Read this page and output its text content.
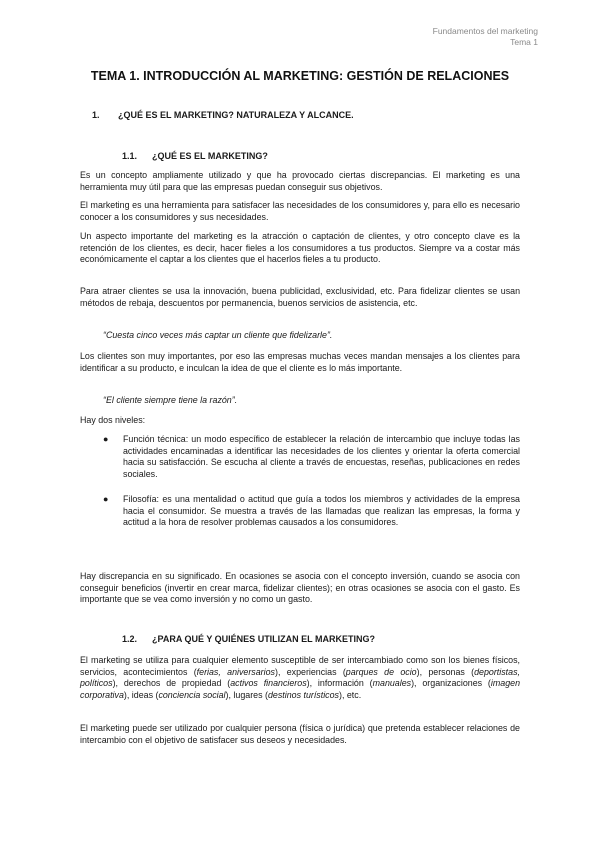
Fundamentos del marketing
Tema 1
TEMA 1. INTRODUCCIÓN AL MARKETING: GESTIÓN DE RELACIONES
1. ¿QUÉ ES EL MARKETING? NATURALEZA Y ALCANCE.
1.1. ¿QUÉ ES EL MARKETING?

Es un concepto ampliamente utilizado y que ha provocado ciertas discrepancias. El marketing es una herramienta muy útil para que las empresas puedan conseguir sus objetivos.

El marketing es una herramienta para satisfacer las necesidades de los consumidores y, para ello es necesario conocer a los consumidores y sus necesidades.

Un aspecto importante del marketing es la atracción o captación de clientes, y otro concepto clave es la retención de los clientes, es decir, hacer fieles a los consumidores a tus productos. Siempre va a costar más económicamente el captar a los clientes que el hacerlos fieles a tu producto.

Para atraer clientes se usa la innovación, buena publicidad, exclusividad, etc. Para fidelizar clientes se usan métodos de rebaja, descuentos por permanencia, buenos servicios de asistencia, etc.

“Cuesta cinco veces más captar un cliente que fidelizarle”.

Los clientes son muy importantes, por eso las empresas muchas veces mandan mensajes a los clientes para identificar a su producto, e inculcan la idea de que el cliente es lo más importante.

“El cliente siempre tiene la razón”.

Hay dos niveles:

● Función técnica: un modo específico de establecer la relación de intercambio que incluye todas las actividades encaminadas a identificar las necesidades de los clientes y orientar la oferta comercial hacia su satisfacción. Se escucha al cliente a través de encuestas, reseñas, publicaciones en redes sociales.

● Filosofía: es una mentalidad o actitud que guía a todos los miembros y actividades de la empresa hacia el consumidor. Se muestra a través de las llamadas que realizan las empresas, la forma y actitud a la hora de resolver problemas causados a los consumidores.

Hay discrepancia en su significado. En ocasiones se asocia con el concepto inversión, cuando se asocia con conseguir beneficios (invertir en crear marca, fidelizar clientes); en otras ocasiones se asocia con el gasto. Es importante que se vea como inversión y no como un gasto.

1.2. ¿PARA QUÉ Y QUIÉNES UTILIZAN EL MARKETING?

El marketing se utiliza para cualquier elemento susceptible de ser intercambiado como son los bienes físicos, servicios, acontecimientos (ferias, aniversarios), experiencias (parques de ocio), personas (deportistas, políticos), derechos de propiedad (activos financieros), información (manuales), organizaciones (imagen corporativa), ideas (conciencia social), lugares (destinos turísticos), etc.

El marketing puede ser utilizado por cualquier persona (física o jurídica) que pretenda establecer relaciones de intercambio con el objetivo de satisfacer sus deseos y necesidades.
